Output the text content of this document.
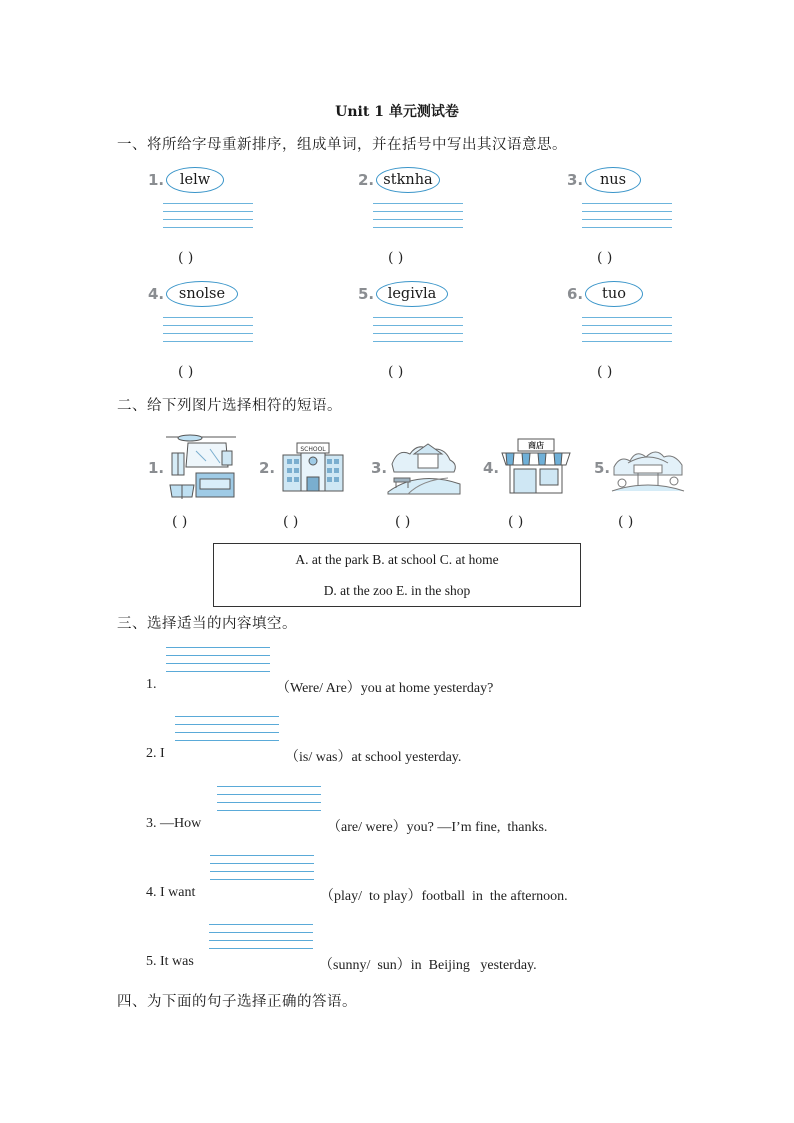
Unit 1 单元测试卷
一、将所给字母重新排序，组成单词，并在括号中写出其汉语意思。
1.	lelw
( )
2. stknha
( )
3.	nus
( )
4.	snolse
( )
5. legivla
( )
6.	tuo
( )
二、给下列图片选择相符的短语。
1.	2.
SCHOOL
3.	4.
商店
5.
( )	( )	( )	( )	( )
A. at the park B. at school C. at home
D. at the zoo E. in the shop
三、选择适当的内容填空。
1.	（Were/ Are）you at home yesterday?
2. I	（is/ was）at school yesterday.
3. —How	（are/ were）you? —I’m fine,  thanks.
4. I want	（play/  to play）football  in  the afternoon.
5. It was	（sunny/  sun）in  Beijing   yesterday.
四、为下面的句子选择正确的答语。
